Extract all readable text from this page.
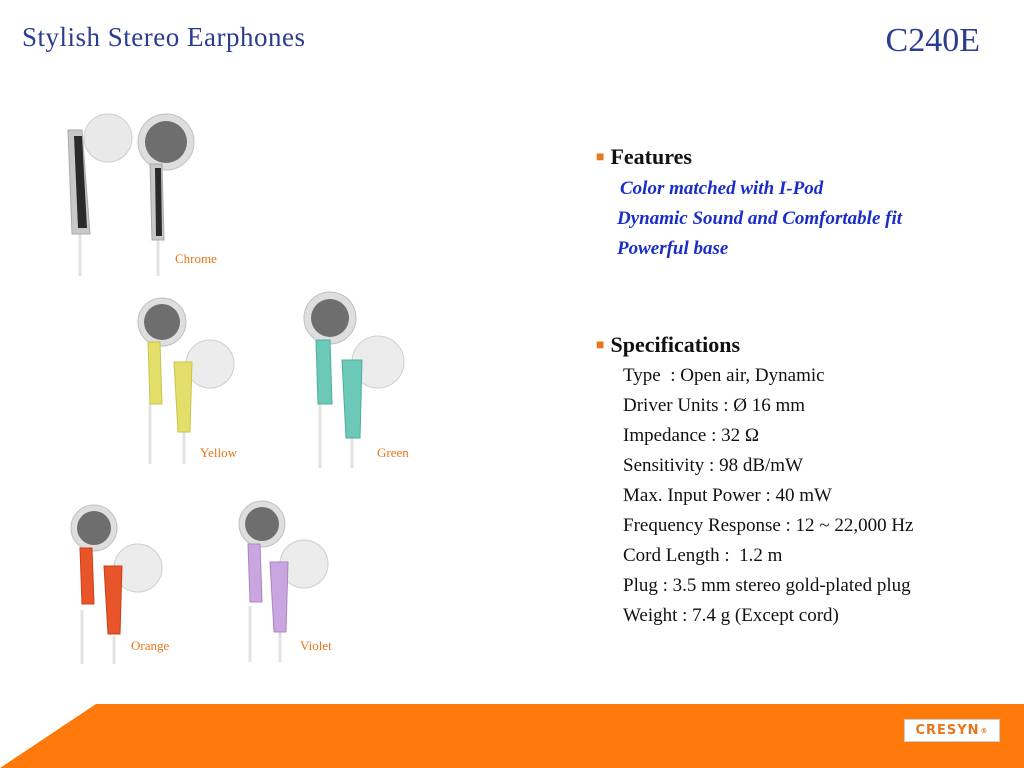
Stylish Stereo Earphones	C240E
Chrome
Yellow	Green
Orange	Violet
■ Features
Color matched with I-Pod
Dynamic Sound and Comfortable fit
Powerful base
■ Specifications
Type  : Open air, Dynamic
Driver Units : Ø 16 mm
Impedance : 32 Ω
Sensitivity : 98 dB/mW
Max. Input Power : 40 mW
Frequency Response : 12 ~ 22,000 Hz
Cord Length :  1.2 m
Plug : 3.5 mm stereo gold-plated plug
Weight : 7.4 g (Except cord)
CRESYN ®
